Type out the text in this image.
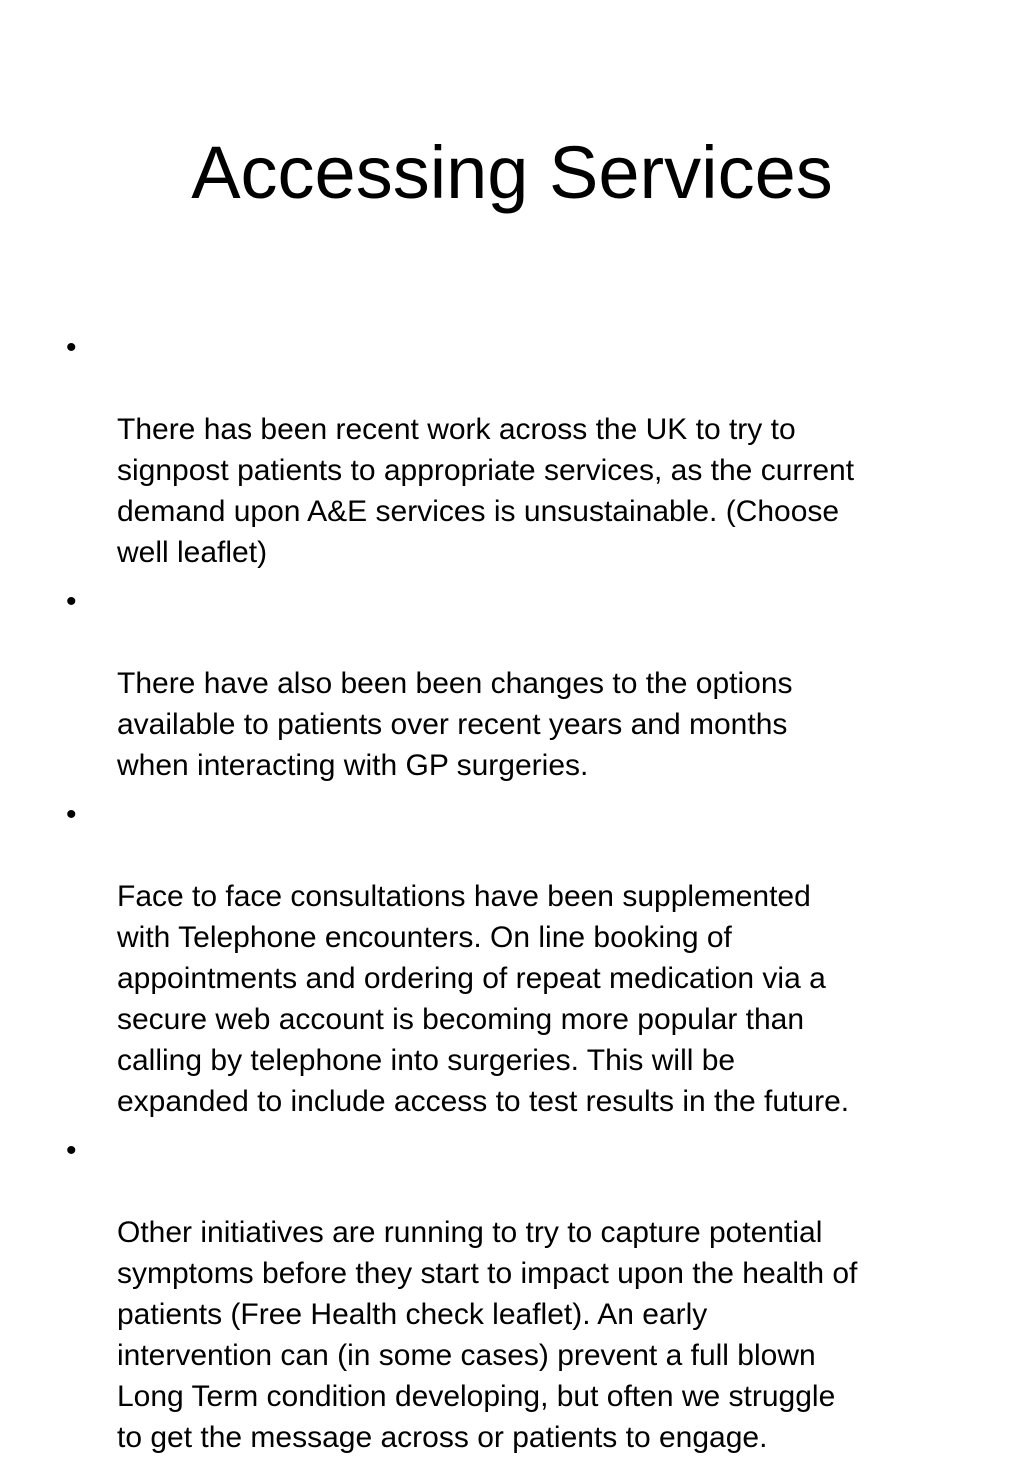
Accessing Services

•

There has been recent work across the UK to try to
signpost patients to appropriate services, as the current
demand upon A&E services is unsustainable. (Choose
well leaflet)

•

There have also been been changes to the options
available to patients over recent years and months
when interacting with GP surgeries.

•

Face to face consultations have been supplemented
with Telephone encounters. On line booking of
appointments and ordering of repeat medication via a
secure web account is becoming more popular than
calling by telephone into surgeries. This will be
expanded to include access to test results in the future.

•

Other initiatives are running to try to capture potential
symptoms before they start to impact upon the health of
patients (Free Health check leaflet). An early
intervention can (in some cases) prevent a full blown
Long Term condition developing, but often we struggle
to get the message across or patients to engage.
